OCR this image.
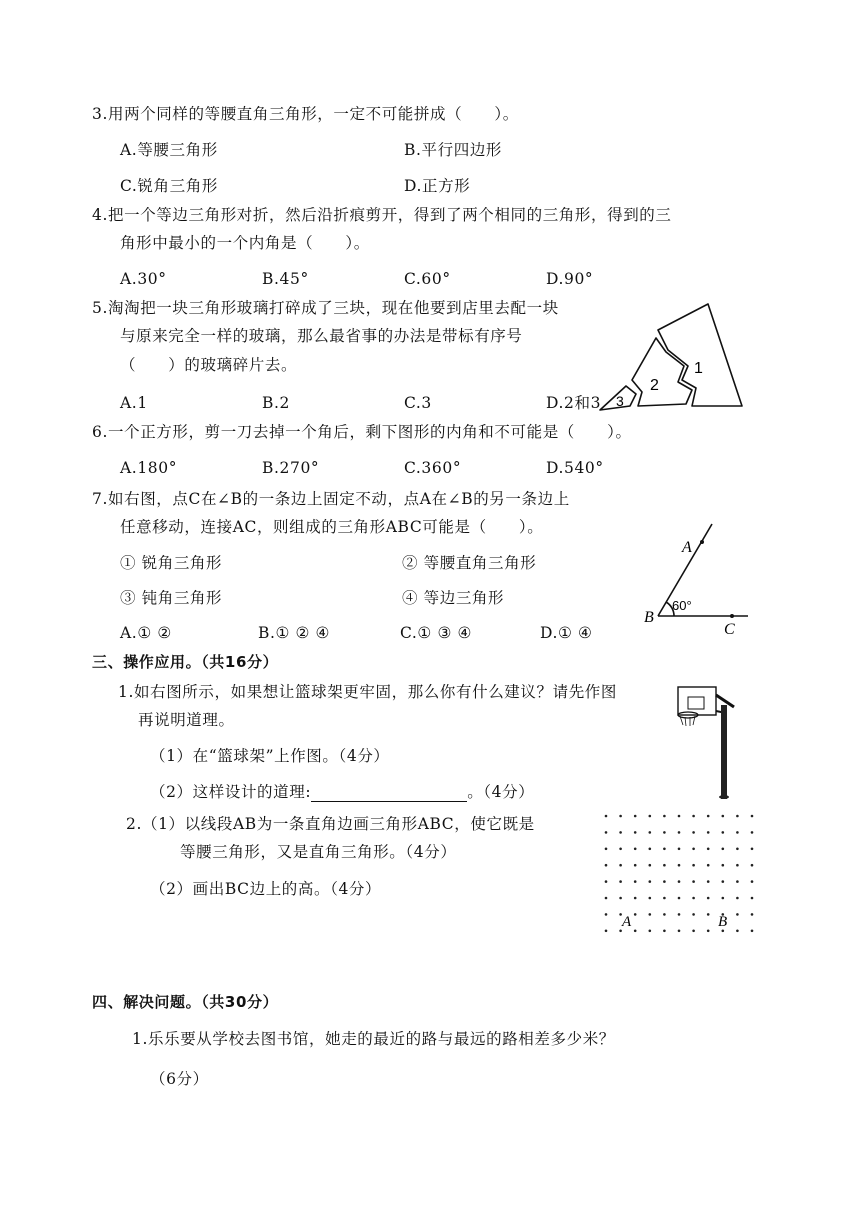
3.用两个同样的等腰直角三角形，一定不可能拼成（　　）。
A.等腰三角形	B.平行四边形
C.锐角三角形	D.正方形
4.把一个等边三角形对折，然后沿折痕剪开，得到了两个相同的三角形，得到的三
角形中最小的一个内角是（　　）。
A.30°	B.45°	C.60°	D.90°
5.淘淘把一块三角形玻璃打碎成了三块，现在他要到店里去配一块
与原来完全一样的玻璃，那么最省事的办法是带标有序号
（　　）的玻璃碎片去。
A.1	B.2	C.3	D.2和3
1
2
3
6.一个正方形，剪一刀去掉一个角后，剩下图形的内角和不可能是（　　）。
A.180°	B.270°	C.360°	D.540°
7.如右图，点C在∠B的一条边上固定不动，点A在∠B的另一条边上
任意移动，连接AC，则组成的三角形ABC可能是（　　）。
① 锐角三角形	② 等腰直角三角形
③ 钝角三角形	④ 等边三角形
A.① ②	B.① ② ④	C.① ③ ④	D.① ④
A
B
C
60°
三、操作应用。（共16分）
1.如右图所示，如果想让篮球架更牢固，那么你有什么建议？请先作图
再说明道理。
（1）在“篮球架”上作图。（4分）
（2）这样设计的道理:	。（4分）
2.（1）以线段AB为一条直角边画三角形ABC，使它既是
等腰三角形，又是直角三角形。（4分）
（2）画出BC边上的高。（4分）
A	B
四、解决问题。（共30分）
1.乐乐要从学校去图书馆，她走的最近的路与最远的路相差多少米？
（6分）
